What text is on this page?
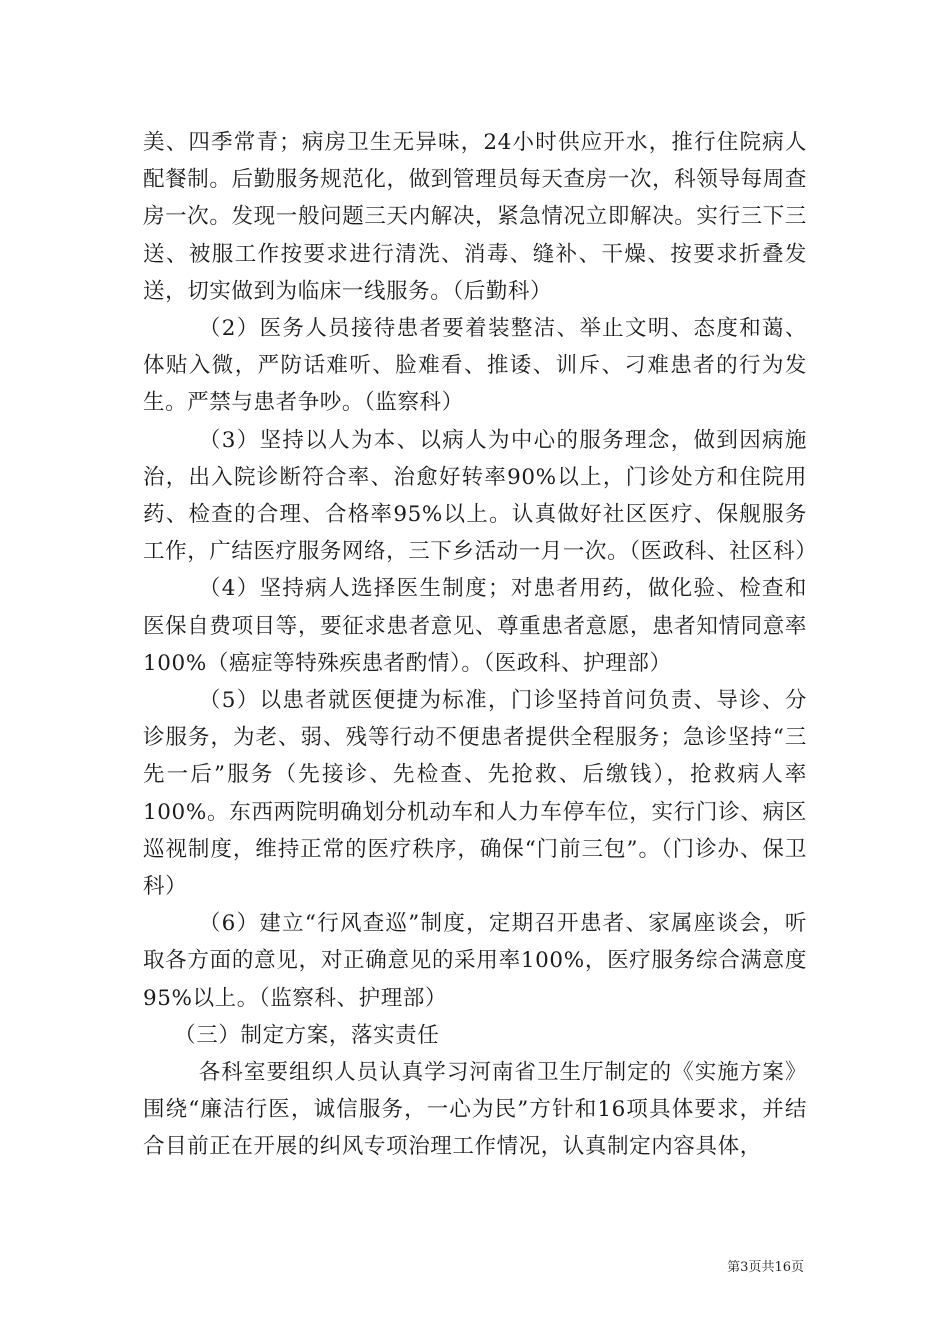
美、四季常青；病房卫生无异味，24小时供应开水，推行住院病人配餐制。后勤服务规范化，做到管理员每天查房一次，科领导每周查房一次。发现一般问题三天内解决，紧急情况立即解决。实行三下三送、被服工作按要求进行清洗、消毒、缝补、干燥、按要求折叠发送，切实做到为临床一线服务。（后勤科）

（2）医务人员接待患者要着装整洁、举止文明、态度和蔼、体贴入微，严防话难听、脸难看、推诿、训斥、刁难患者的行为发生。严禁与患者争吵。（监察科）

（3）坚持以人为本、以病人为中心的服务理念，做到因病施治，出入院诊断符合率、治愈好转率90%以上，门诊处方和住院用药、检查的合理、合格率95%以上。认真做好社区医疗、保舰服务工作，广结医疗服务网络，三下乡活动一月一次。（医政科、社区科）

（4）坚持病人选择医生制度；对患者用药，做化验、检查和医保自费项目等，要征求患者意见、尊重患者意愿，患者知情同意率100%（癌症等特殊疾患者酌情）。（医政科、护理部）

（5）以患者就医便捷为标准，门诊坚持首问负责、导诊、分诊服务，为老、弱、残等行动不便患者提供全程服务；急诊坚持“三先一后”服务（先接诊、先检查、先抢救、后缴钱），抢救病人率100%。东西两院明确划分机动车和人力车停车位，实行门诊、病区巡视制度，维持正常的医疗秩序，确保“门前三包”。（门诊办、保卫科）

（6）建立“行风查巡”制度，定期召开患者、家属座谈会，听取各方面的意见，对正确意见的采用率100%，医疗服务综合满意度95%以上。（监察科、护理部）

（三）制定方案，落实责任

各科室要组织人员认真学习河南省卫生厅制定的《实施方案》围绕“廉洁行医，诚信服务，一心为民”方针和16项具体要求，并结合目前正在开展的纠风专项治理工作情况，认真制定内容具体，

第3页共16页
